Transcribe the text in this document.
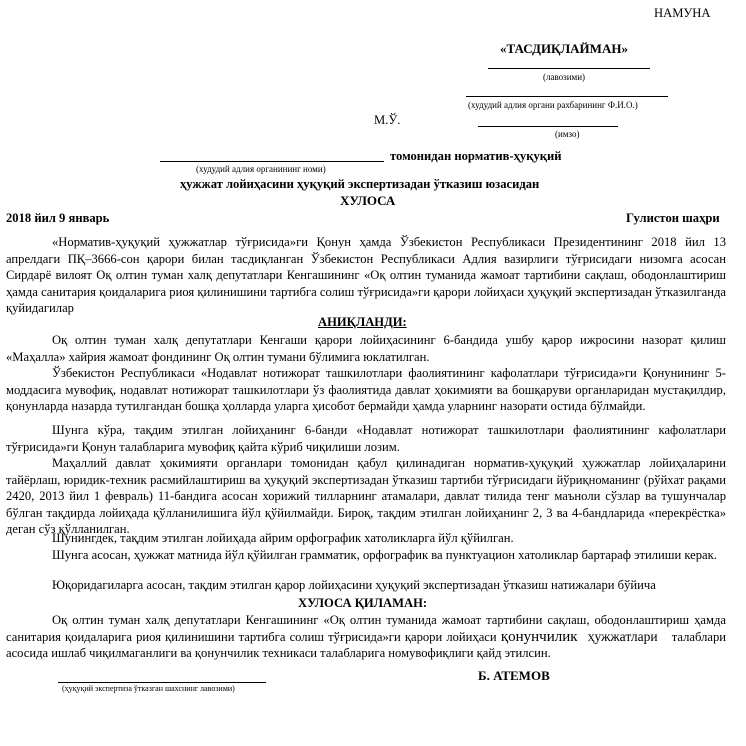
НАМУНА
«ТАСДИҚЛАЙМАН»
(лавозими)
(худудий адлия органи рахбарининг Ф.И.О.)
М.Ў.
(имзо)
томонидан норматив-ҳуқуқий
(худудий адлия органининг номи)
ҳужжат лойиҳасини ҳуқуқий экспертизадан ўтказиш юзасидан
ХУЛОСА
2018 йил 9 январь	Гулистон шаҳри
«Норматив-ҳуқуқий ҳужжатлар тўғрисида»ги Қонун ҳамда Ўзбекистон Республикаси Президентининг 2018 йил 13 апрелдаги ПҚ–3666-сон қарори билан тасдиқланган Ўзбекистон Республикаси Адлия вазирлиги тўғрисидаги низомга асосан Сирдарё вилоят Оқ олтин туман халқ депутатлари Кенгашининг «Оқ олтин туманида жамоат тартибини сақлаш, ободонлаштириш ҳамда санитария қоидаларига риоя қилинишини тартибга солиш тўғрисида»ги қарори лойиҳаси ҳуқуқий экспертизадан ўтказилганда қуйидагилар
АНИҚЛАНДИ:
Оқ олтин туман халқ депутатлари Кенгаши қарори лойиҳасининг 6-бандида ушбу қарор ижросини назорат қилиш «Маҳалла» хайрия жамоат фондининг Оқ олтин тумани бўлимига юклатилган.
Ўзбекистон Республикаси «Нодавлат нотижорат ташкилотлари фаолиятининг кафолатлари тўғрисида»ги Қонунининг 5-моддасига мувофиқ, нодавлат нотижорат ташкилотлари ўз фаолиятида давлат ҳокимияти ва бошқаруви органларидан мустақилдир, қонунларда назарда тутилгандан бошқа ҳолларда уларга ҳисобот бермайди ҳамда уларнинг назорати остида бўлмайди.
Шунга кўра, тақдим этилган лойиҳанинг 6-банди «Нодавлат нотижорат ташкилотлари фаолиятининг кафолатлари тўғрисида»ги Қонун талабларига мувофиқ қайта кўриб чиқилиши лозим.
Маҳаллий давлат ҳокимияти органлари томонидан қабул қилинадиган норматив-ҳуқуқий ҳужжатлар лойиҳаларини тайёрлаш, юридик-техник расмийлаштириш ва ҳуқуқий экспертизадан ўтказиш тартиби тўғрисидаги йўриқноманинг (рўйхат рақами 2420, 2013 йил 1 февраль) 11-бандига асосан хорижий тилларнинг атамалари, давлат тилида тенг маънoли сўзлар ва тушунчалар бўлган тақдирда лойиҳада қўлланилишига йўл қўйилмайди. Бироқ, тақдим этилган лойиҳанинг 2, 3 ва 4-бандларида «перекрёстка» деган сўз қўлланилган.
Шунингдек, тақдим этилган лойиҳада айрим орфографик хатоликларга йўл қўйилган.
Шунга асосан, ҳужжат матнида йўл қўйилган грамматик, орфографик ва пунктуацион хатоликлар бартараф этилиши керак.
Юқоридагиларга асосан, тақдим этилган қарор лойиҳасини ҳуқуқий экспертизадан ўтказиш натижалари бўйича
ХУЛОСА ҚИЛАМАН:
Оқ олтин туман халқ депутатлари Кенгашининг «Оқ олтин туманида жамоат тартибини сақлаш, ободонлаштириш ҳамда санитария қоидаларига риоя қилинишини тартибга солиш тўғрисида»ги қарори лойиҳаси қонунчилик ҳужжатлари талаблари асосида ишлаб чиқилмаганлиги ва қонунчилик техникаси талабларига номувофиқлиги қайд этилсин.
(ҳуқуқий экспертиза ўтказган шахснинг лавозими)
Б. АТЕМОВ
